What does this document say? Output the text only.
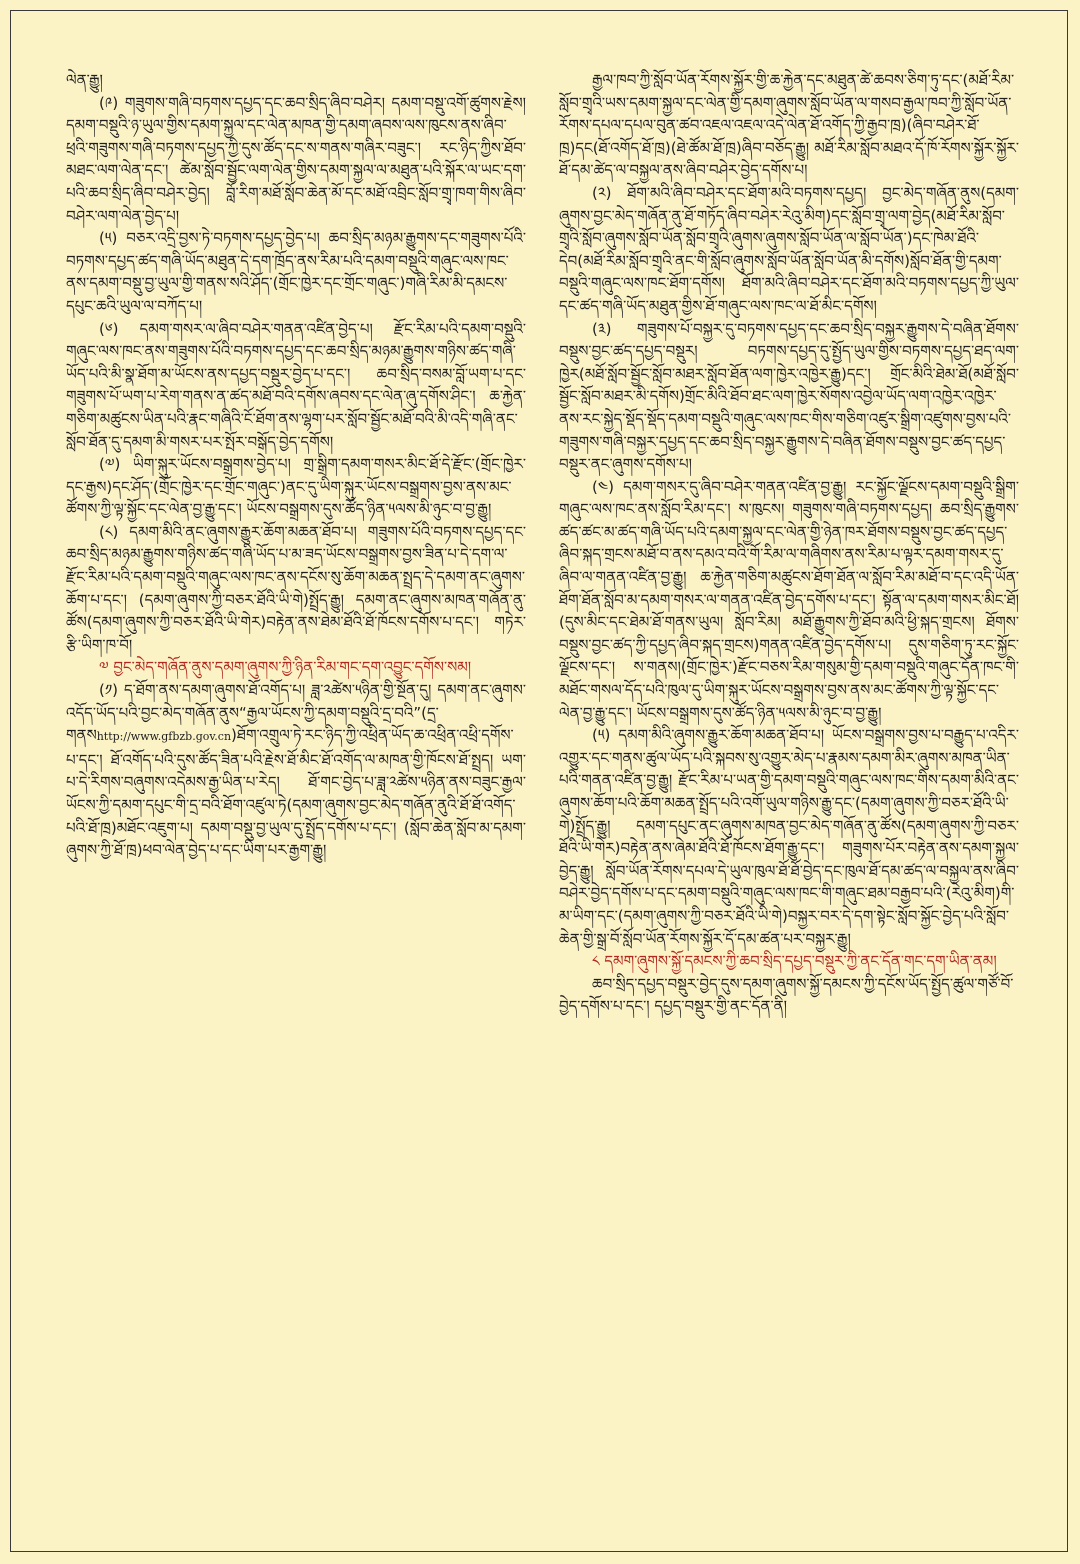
ལེན་རྒྱུ།

(༩) གཟུགས་གཞི་བཏགས་དཔྱད་དང་ཆབ་སྲིད་ཞིབ་བཤེར། དམག་བསྡུ་འགོ་ཚུགས་རྗེས། དམག་བསྡུའི་ཉ་ཡུལ་གྱིས་དམག་སྐྱལ་དང་ལེན་མཁན་གྱི་དམག་ཞབས་ལས་ཁུངས་ནས་ཞིབ་ཕྲའི་གཟུགས་གཞི་བཏགས་དཔྱད་ཀྱི་དུས་ཚོད་དང་ས་གནས་གཞིར་བཟུང་། རང་ཉིད་ཀྱིས་ཐོབ་མཐང་ལག་ལེན་དང་། ཚེམ་སློབ་སྦྱོང་ལག་ལེན་གྱིས་དམག་སྐྱལ་ལ་མཐུན་པའི་སྐོར་ལ་ཡང་དག་པའི་ཆབ་སྲིད་ཞིབ་བཤེར་བྱེད། བློ་རིག་མཐོ་སློབ་ཆེན་མོ་དང་མཐོ་འབྲིང་སློབ་གྲྭ་ཁག་གིས་ཞིབ་བཤེར་ལག་ལེན་བྱེད་པ།

(༥) བཅར་འདྲི་བྱས་ཏེ་བཏགས་དཔྱད་བྱེད་པ། ཆབ་སྲིད་མཉམ་རྒྱུགས་དང་གཟུགས་པོའི་བཏགས་དཔྱད་ཚད་གཞི་ཡོད་མཐུན་དེ་དག་ཁྲོད་ནས་རིམ་པའི་དམག་བསྡུའི་གཞུང་ལས་ཁང་ནས་དམག་བསྡུ་བྱ་ཡུལ་གྱི་གནས་སའི་ཤོད་(གྲོང་ཁྱེར་དང་གྲོང་གཞུང་)གཞི་རིམ་མི་དམངས་དཔུང་ཆའི་ཡུལ་ལ་བཀོད་པ།

(༦) དམག་གསར་ལ་ཞིབ་བཤེར་གནན་འཛིན་བྱེད་པ། རྫོང་རིམ་པའི་དམག་བསྡུའི་གཞུང་ལས་ཁང་ནས་གཟུགས་པོའི་བཏགས་དཔྱད་དང་ཆབ་སྲིད་མཉམ་རྒྱུགས་གཉིས་ཚད་གཞི་ཡོད་པའི་མི་སྣ་ཐོག་མ་ཡོངས་ནས་དཔྱད་བསྡུར་བྱེད་པ་དང་། ཆབ་སྲིད་བསམ་བློ་ཡག་པ་དང་གཟུགས་པོ་ཡག་པ་རེག་གནས་ན་ཚད་མཐོ་བའི་དགོས་ཞབས་དང་ལེན་ཞུ་དགོས་ཤིང་། ཆ་རྐྱེན་གཅིག་མཚུངས་ཡིན་པའི་རྣང་གཞིའི་ངོ་ཐོག་ནས་ལྷག་པར་སློབ་སྦྱོང་མཐོ་བའི་མི་འདི་གཞི་ནང་སློབ་ཐོན་དུ་དམག་མི་གསར་པར་སྤོར་བསྒོད་བྱེད་དགོས།

(༧) ཡིག་སྐུར་ཡོངས་བསྒྲགས་བྱེད་པ། གྲ་སྒྲིག་དམག་གསར་མིང་ཐོ་དེ་རྫོང་(གྲོང་ཁྱེར་དང་རྒྱས)དང་ཤོད་(གྲོང་ཁྱེར་དང་གྲོང་གཞུང་)ནང་དུ་ཡིག་སྐུར་ཡོངས་བསྒྲགས་བྱས་ནས་མང་ཚོགས་ཀྱི་ལྟ་སྐྱོང་དང་ལེན་བྱ་རྒྱུ་དང་། ཡོངས་བསྒྲགས་དུས་ཚོད་ཉིན་༥ལས་མི་ཉུང་བ་བྱ་རྒྱུ།

(༨) དམག་མིའི་ནང་ཞུགས་རྒྱུར་ཆོག་མཆན་ཐོབ་པ། གཟུགས་པོའི་བཏགས་དཔྱད་དང་ཆབ་སྲིད་མཉམ་རྒྱུགས་གཉིས་ཚད་གཞི་ཡོད་པ་མ་ཟད་ཡོངས་བསྒྲགས་བྱས་ཟིན་པ་དེ་དག་ལ་རྫོང་རིམ་པའི་དམག་བསྡུའི་གཞུང་ལས་ཁང་ནས་དངོས་སུ་ཆོག་མཆན་སྤྲད་དེ་དམག་ནང་ཞུགས་ཆོག་པ་དང་། (དམག་ཞུགས་ཀྱི་བཅར་ཐོའི་ཡི་གེ)སྤྲོད་རྒྱུ། དམག་ནང་ཞུགས་མཁན་གཞོན་ནུ་ཚོས(དམག་ཞུགས་ཀྱི་བཅར་ཐོའི་ཡི་གེར)བརྟེན་ནས་ཐེམ་ཐོའི་ཐོ་ཁོངས་དགོས་པ་དང་། གཏེར་རྩི་ཡིག་ཁ་བོ།

༧ བྱང་མེད་གཞོན་ནུས་དམག་ཞུགས་ཀྱི་ཉིན་རིམ་གང་དག་འབྱུང་དགོས་སམ།

(༡) ད་ཐོག་ནས་དམག་ཞུགས་ཐོ་འགོད་པ། ཟླ་༢ཚེས་༥ཉིན་གྱི་སྔོན་དུ། དམག་ནང་ཞུགས་འདོད་ཡོད་པའི་བྱང་མེད་གཞོན་ནུས“རྒྱལ་ཡོངས་ཀྱི་དམག་བསྡུའི་དྲ་བའི”(དྲ་གནསhttp://www.gfbzb.gov.cn)ཐོག་འགྲུལ་ཏེ་རང་ཉིད་ཀྱི་འཕྲིན་ཡོད་ཆ་འཕྲིན་འཕྲི་དགོས་པ་དང་། ཐོ་འགོད་པའི་དུས་ཚོད་ཟིན་པའི་རྗེས་ཐོ་མིང་ཐོ་འགོད་ལ་མཁན་གྱི་ཁོངས་ཐོ་སྤྲད། ཡག་པ་དེ་རིགས་བཞུགས་འདེམས་རྒྱ་ཡིན་པ་རེད། ཐོ་གང་བྱེད་པ་ཟླ་༢ཚེས་༥ཉིན་ནས་བཟུང་རྒྱལ་ཡོངས་ཀྱི་དམག་དཔུང་གི་དྲ་བའི་ཐོག་འཛུལ་ཏེ(དམག་ཞུགས་བྱང་མེད་གཞོན་ནུའི་ཐོ་ཐོ་འགོད་པའི་ཐོ་ཁྲ)མཐོང་འཇུག་པ། དམག་བསྡུ་བྱ་ཡུལ་དུ་སྤྲོད་དགོས་པ་དང་། (སློབ་ཆེན་སློབ་མ་དམག་ཞུགས་ཀྱི་ཐོ་ཁྲ)ཕབ་ལེན་བྱེད་པ་དང་ཡིག་པར་རྒྱག་རྒྱུ།

རྒྱལ་ཁབ་ཀྱི་སློབ་ཡོན་རོགས་སྐྱོར་གྱི་ཆ་རྐྱེན་དང་མཐུན་ཚེ་ཆབས་ཅིག་ཏུ་དང་(མཐོ་རིམ་སློབ་གྲྭའི་ཡས་དམག་སྐྱལ་དང་ལེན་གྱི་དམག་ཞུགས་སློབ་ཡོན་ལ་གསབ་རྒྱལ་ཁབ་ཀྱི་སློབ་ཡོན་རོགས་དཔལ་དཔལ་བུན་ཚབ་འཇལ་འཇལ་འདེ་ལེན་ཐོ་འགོད་ཀྱི་རྒྱབ་ཁྲ)(ཞིབ་བཤེར་ཐོ་ཁྲ)དང(ཐོ་འགོད་ཐོ་ཁྲ)(ཐེ་ཚོམ་ཐོ་ཁྲ)ཞིབ་བཅོད་རྒྱུ། མཐོ་རིམ་སློབ་མཐའ་དོ་ཁོ་རོགས་སྐྱོར་སྐྱོར་ཐོ་དམ་ཚེད་ལ་བསྐྱལ་ནས་ཞིབ་བཤེར་བྱེད་དགོས་པ།

(༢) ཐོག་མའི་ཞིབ་བཤེར་དང་ཐོག་མའི་བཏགས་དཔྱད། བྱང་མེད་གཞོན་ནུས(དམག་ཞུགས་བྱང་མེད་གཞོན་ནུ་ཐོ་གཏོད་ཞིབ་བཤེར་རེའུ་མིག)དང་སློབ་གྲྭ་ལག་བྱེད(མཐོ་རིམ་སློབ་གྲྭའི་སློབ་ཞུགས་སློབ་ཡོན་སློབ་གྲྭའི་ཞུགས་ཞུགས་སློབ་ཡོན་ལ་སློབ་ཡོན་)དང་ཁེམ་ཐོའི་དེབ(མཐོ་རིམ་སློབ་གྲྭའི་ནང་གི་སློབ་ཞུགས་སློབ་ཡོན་སློབ་ཡོན་མི་དགོས)སློབ་ཐོན་གྱི་དམག་བསྡུའི་གཞུང་ལས་ཁང་ཐོག་དགོས། ཐོག་མའི་ཞིབ་བཤེར་དང་ཐོག་མའི་བཏགས་དཔྱད་ཀྱི་ཡུལ་དང་ཚད་གཞི་ཡོད་མཐུན་གྱིས་ཐོ་གཞུང་ལས་ཁང་ལ་ཐོ་མིང་དགོས།

(༣) གཟུགས་པོ་བསྐྱར་དུ་བཏགས་དཔྱད་དང་ཆབ་སྲིད་བསྐྱར་རྒྱུགས་དེ་བཞིན་ཐོགས་བསྡུས་བྱང་ཚད་དཔྱད་བསྡུར། བཏགས་དཔྱད་དུ་སྤྱོད་ཡུལ་གྱིས་བཏགས་དཔྱད་ཐད་ལག་ཁྱེར(མཐོ་སློབ་སྦྱོང་སློབ་མཐར་སློབ་ཐོན་ལག་ཁྱེར་འཁྱེར་རྒྱུ)དང་། གྲོང་མིའི་ཐེམ་ཐོ(མཐོ་སློབ་སྦྱོང་སློབ་མཐར་མི་དགོས)གྲོང་མིའི་ཐོབ་ཐང་ལག་ཁྱེར་སོགས་འབྱེལ་ཡོད་ལག་འཁྱེར་འཁྱེར་ནས་རང་སྐྱེད་སྡོད་སྡོད་དམག་བསྡུའི་གཞུང་ལས་ཁང་གིས་གཅིག་འཛུར་སྒྲིག་འཛུགས་བྱས་པའི་གཟུགས་གཞི་བསྐྱར་དཔྱད་དང་ཆབ་སྲིད་བསྐྱར་རྒྱུགས་དེ་བཞིན་ཐོགས་བསྡུས་བྱང་ཚད་དཔྱད་བསྡུར་ནང་ཞུགས་དགོས་པ།

(༤) དམག་གསར་དུ་ཞིབ་བཤེར་གནན་འཛིན་བྱ་རྒྱུ། རང་སྐྱོང་ལྗོངས་དམག་བསྡུའི་སྒྲིག་གཞུང་ལས་ཁང་ནས་སློབ་རིམ་དང་། ས་ཁུངས། གཟུགས་གཞི་བཏགས་དཔྱད། ཆབ་སྲིད་རྒྱུགས་ཚད་ཚང་མ་ཚད་གཞི་ཡོད་པའི་དམག་སྐྱལ་དང་ལེན་གྱི་ཉེན་ཁར་ཐོགས་བསྡུས་བྱང་ཚད་དཔྱད་ཞིབ་སྐད་གྲངས་མཐོ་བ་ནས་དམའ་བའི་གོ་རིམ་ལ་གཞིགས་ནས་རིམ་པ་ལྟར་དམག་གསར་དུ་ཞིབ་ལ་གནན་འཛིན་བྱ་རྒྱུ། ཆ་རྐྱེན་གཅིག་མཚུངས་ཐོག་ཐོན་ལ་སློབ་རིམ་མཐོ་བ་དང་འདི་ཡོན་ཐོག་ཐོན་སློབ་མ་དམག་གསར་ལ་གནན་འཛིན་བྱེད་དགོས་པ་དང་། སྟོན་ལ་དམག་གསར་མིང་ཐོ། (དུས་མིང་དང་ཐེམ་ཐོ་གནས་ཡུལ། སློབ་རིམ། མཐོ་རྒྱུགས་ཀྱི་ཐོབ་མའི་ཕྱི་སྐད་གྲངས། ཐོགས་བསྡུས་བྱང་ཚད་ཀྱི་དཔྱད་ཞིབ་སྐད་གྲངས)གནན་འཛིན་བྱེད་དགོས་པ། དུས་གཅིག་ཏུ་རང་སྐྱོང་ལྗོངས་དང་། ས་གནས།(གྲོང་ཁྱེར་)རྫོང་བཅས་རིམ་གསུམ་གྱི་དམག་བསྡུའི་གཞུང་དོན་ཁང་གི་མཐོང་གསལ་དོད་པའི་ཁུལ་དུ་ཡིག་སྐུར་ཡོངས་བསྒྲགས་བྱས་ནས་མང་ཚོགས་ཀྱི་ལྟ་སྐྱོང་དང་ལེན་བྱ་རྒྱུ་དང་། ཡོངས་བསྒྲགས་དུས་ཚོད་ཉིན་༥ལས་མི་ཉུང་བ་བྱ་རྒྱུ།

(༥) དམག་མིའི་ཞུགས་རྒྱུར་ཆོག་མཆན་ཐོབ་པ། ཡོངས་བསྒྲགས་བྱས་པ་བརྒྱུད་པ་འདིར་འགྱུར་དང་གནས་ཚུལ་ཡོད་པའི་སྐབས་སུ་འགྱུར་མེད་པ་རྣམས་དམག་མིར་ཞུགས་མཁན་ཡིན་པའི་གནན་འཛིན་བྱ་རྒྱུ། རྫོང་རིམ་པ་ཡན་གྱི་དམག་བསྡུའི་གཞུང་ལས་ཁང་གིས་དམག་མིའི་ནང་ཞུགས་ཆོག་པའི་ཆོག་མཆན་སྤྲོད་པའི་འགོ་ཡུལ་གཉིས་རྒྱུ་དང་(དམག་ཞུགས་ཀྱི་བཅར་ཐོའི་ཡི་གེ)སྤྲོད་རྒྱུ། དམག་དཔུང་ནང་ཞུགས་མཁན་བྱང་མེད་གཞོན་ནུ་ཚོས(དམག་ཞུགས་ཀྱི་བཅར་ཐོའི་ཡི་གེར)བརྟེན་ནས་ཞེམ་ཐོའི་ཐོ་ཁོངས་ཐོག་རྒྱུ་དང་། གཟུགས་པོར་བརྟེན་ནས་དམག་སྐྱལ་བྱེད་རྒྱུ། སློབ་ཡོན་རོགས་དཔལ་དེ་ཡུལ་ཁུལ་ཐོ་ཐོ་བྱེད་དང་ཁུལ་ཐོ་དམ་ཚད་ལ་བསྐྱལ་ནས་ཞིབ་བཤེར་བྱེད་དགོས་པ་དང་དམག་བསྡུའི་གཞུང་ལས་ཁང་གི་གཞུང་ཐམ་བརྒྱབ་པའི་(རེའུ་མིག)གི་མ་ཡིག་དང་(དམག་ཞུགས་ཀྱི་བཅར་ཐོའི་ཡི་གེ)བསྐྱར་བར་དེ་དག་སྟེང་སློབ་སྐྱོང་བྱེད་པའི་སློབ་ཆེན་གྱི་སྒྲ་བོ་སློབ་ཡོན་རོགས་སྐྱོར་དོ་དམ་ཚན་པར་བསྐྱར་རྒྱུ།

༨ དམག་ཞུགས་སྐྱོ་དམངས་ཀྱི་ཆབ་སྲིད་དཔྱད་བསྡུར་ཀྱི་ནང་དོན་གང་དག་ཡིན་ནམ།

ཆབ་སྲིད་དཔྱད་བསྡུར་བྱེད་དུས་དམག་ཞུགས་སྐྱོ་དམངས་ཀྱི་དངོས་ཡོད་སྤྱོད་ཚུལ་གཙོ་བོ་བྱེད་དགོས་པ་དང་། དཔྱད་བསྡུར་གྱི་ནང་དོན་ནི།
